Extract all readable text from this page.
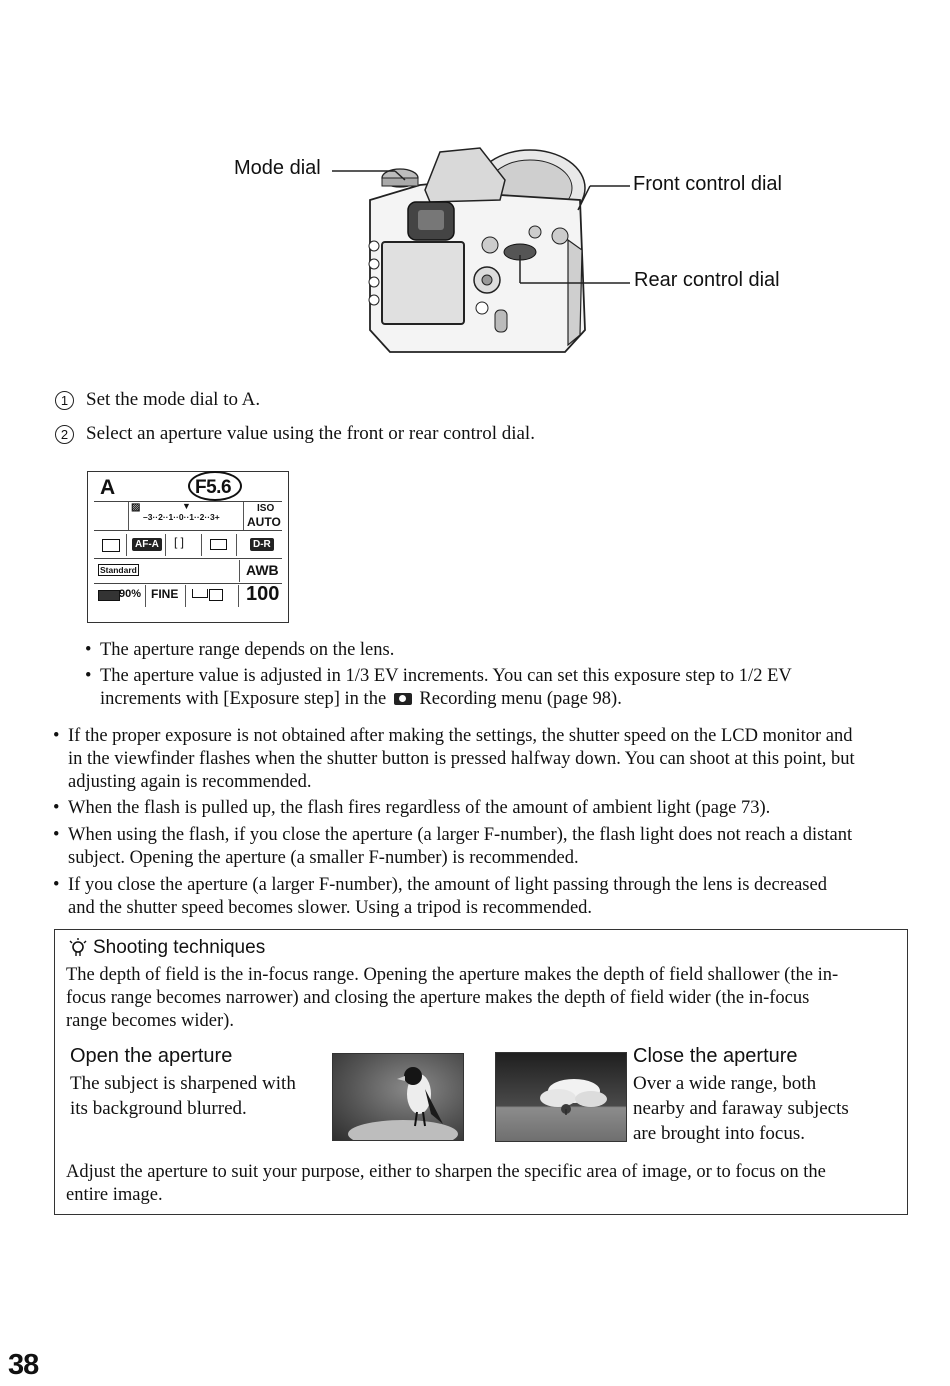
Mode dial
Front control dial
Rear control dial
1 Set the mode dial to A.
2 Select an aperture value using the front or rear control dial.
A	F5.6
▨	▼
–3··2··1··0··1··2··3+
ISO
AUTO
AF-A [ ]	D-R
Standard	AWB
90% FINE	100
• The aperture range depends on the lens.
• The aperture value is adjusted in 1/3 EV increments. You can set this exposure step to 1/2 EV
increments with [Exposure step] in the Recording menu (page 98).
• If the proper exposure is not obtained after making the settings, the shutter speed on the LCD monitor and
in the viewfinder flashes when the shutter button is pressed halfway down. You can shoot at this point, but
adjusting again is recommended.
• When the flash is pulled up, the flash fires regardless of the amount of ambient light (page 73).
• When using the flash, if you close the aperture (a larger F-number), the flash light does not reach a distant
subject. Opening the aperture (a smaller F-number) is recommended.
• If you close the aperture (a larger F-number), the amount of light passing through the lens is decreased
and the shutter speed becomes slower. Using a tripod is recommended.
Shooting techniques
The depth of field is the in-focus range. Opening the aperture makes the depth of field shallower (the in-
focus range becomes narrower) and closing the aperture makes the depth of field wider (the in-focus
range becomes wider).
Open the aperture
The subject is sharpened with
its background blurred.
Close the aperture
Over a wide range, both
nearby and faraway subjects
are brought into focus.
Adjust the aperture to suit your purpose, either to sharpen the specific area of image, or to focus on the
entire image.
38
